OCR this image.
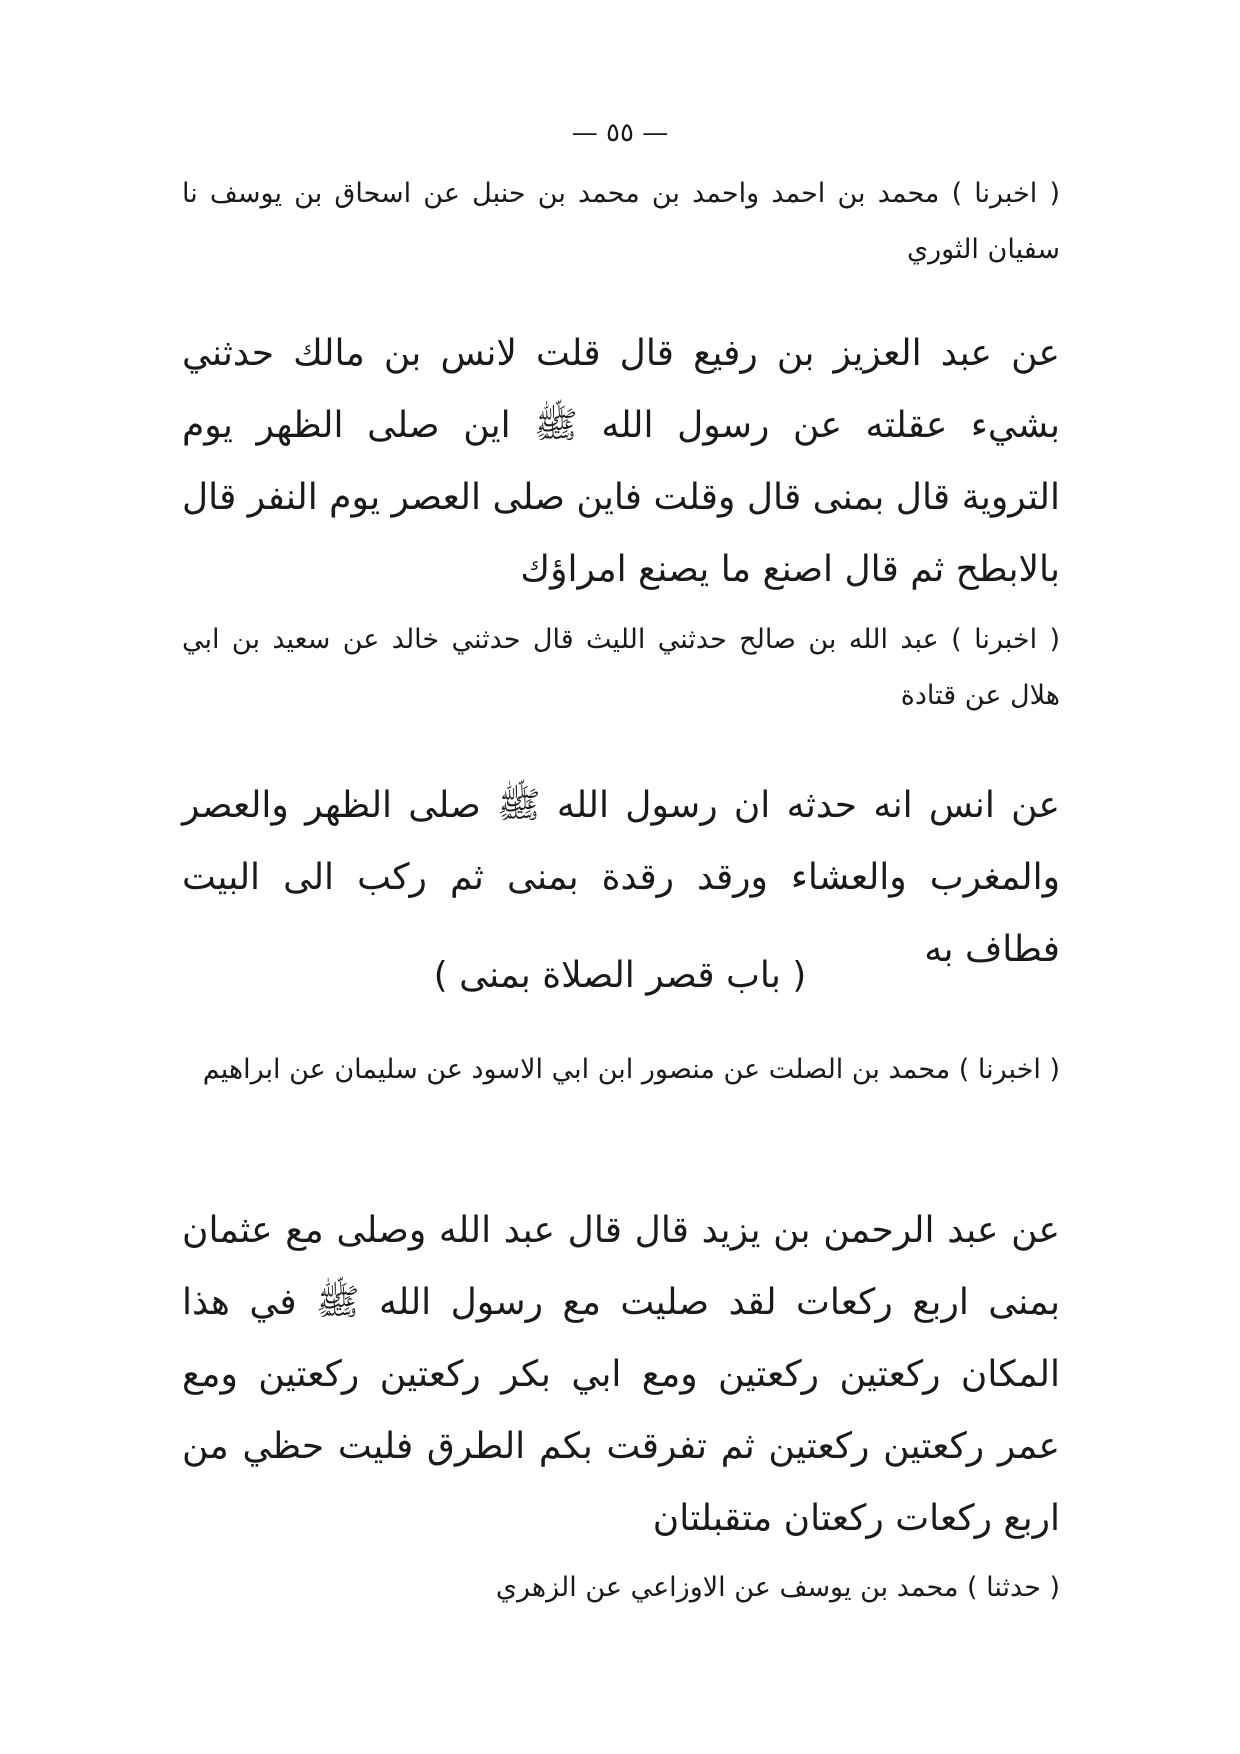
— ٥٥ —
( اخبرنا ) محمد بن احمد واحمد بن محمد بن حنبل عن اسحاق بن يوسف نا سفيان الثوري
عن عبد العزيز بن رفيع قال قلت لانس بن مالك حدثني بشيء عقلته عن رسول الله ﷺ اين صلى الظهر يوم التروية قال بمنى قال وقلت فاين صلى العصر يوم النفر قال بالابطح ثم قال اصنع ما يصنع امراؤك
( اخبرنا ) عبد الله بن صالح حدثني الليث قال حدثني خالد عن سعيد بن ابي هلال عن قتادة
عن انس انه حدثه ان رسول الله ﷺ صلى الظهر والعصر والمغرب والعشاء ورقد رقدة بمنى ثم ركب الى البيت فطاف به
( باب قصر الصلاة بمنى )
( اخبرنا ) محمد بن الصلت عن منصور ابن ابي الاسود عن سليمان عن ابراهيم
عن عبد الرحمن بن يزيد قال قال عبد الله وصلى مع عثمان بمنى اربع ركعات لقد صليت مع رسول الله ﷺ في هذا المكان ركعتين ركعتين ومع ابي بكر ركعتين ركعتين ومع عمر ركعتين ركعتين ثم تفرقت بكم الطرق فليت حظي من اربع ركعات ركعتان متقبلتان
( حدثنا ) محمد بن يوسف عن الاوزاعي عن الزهري
